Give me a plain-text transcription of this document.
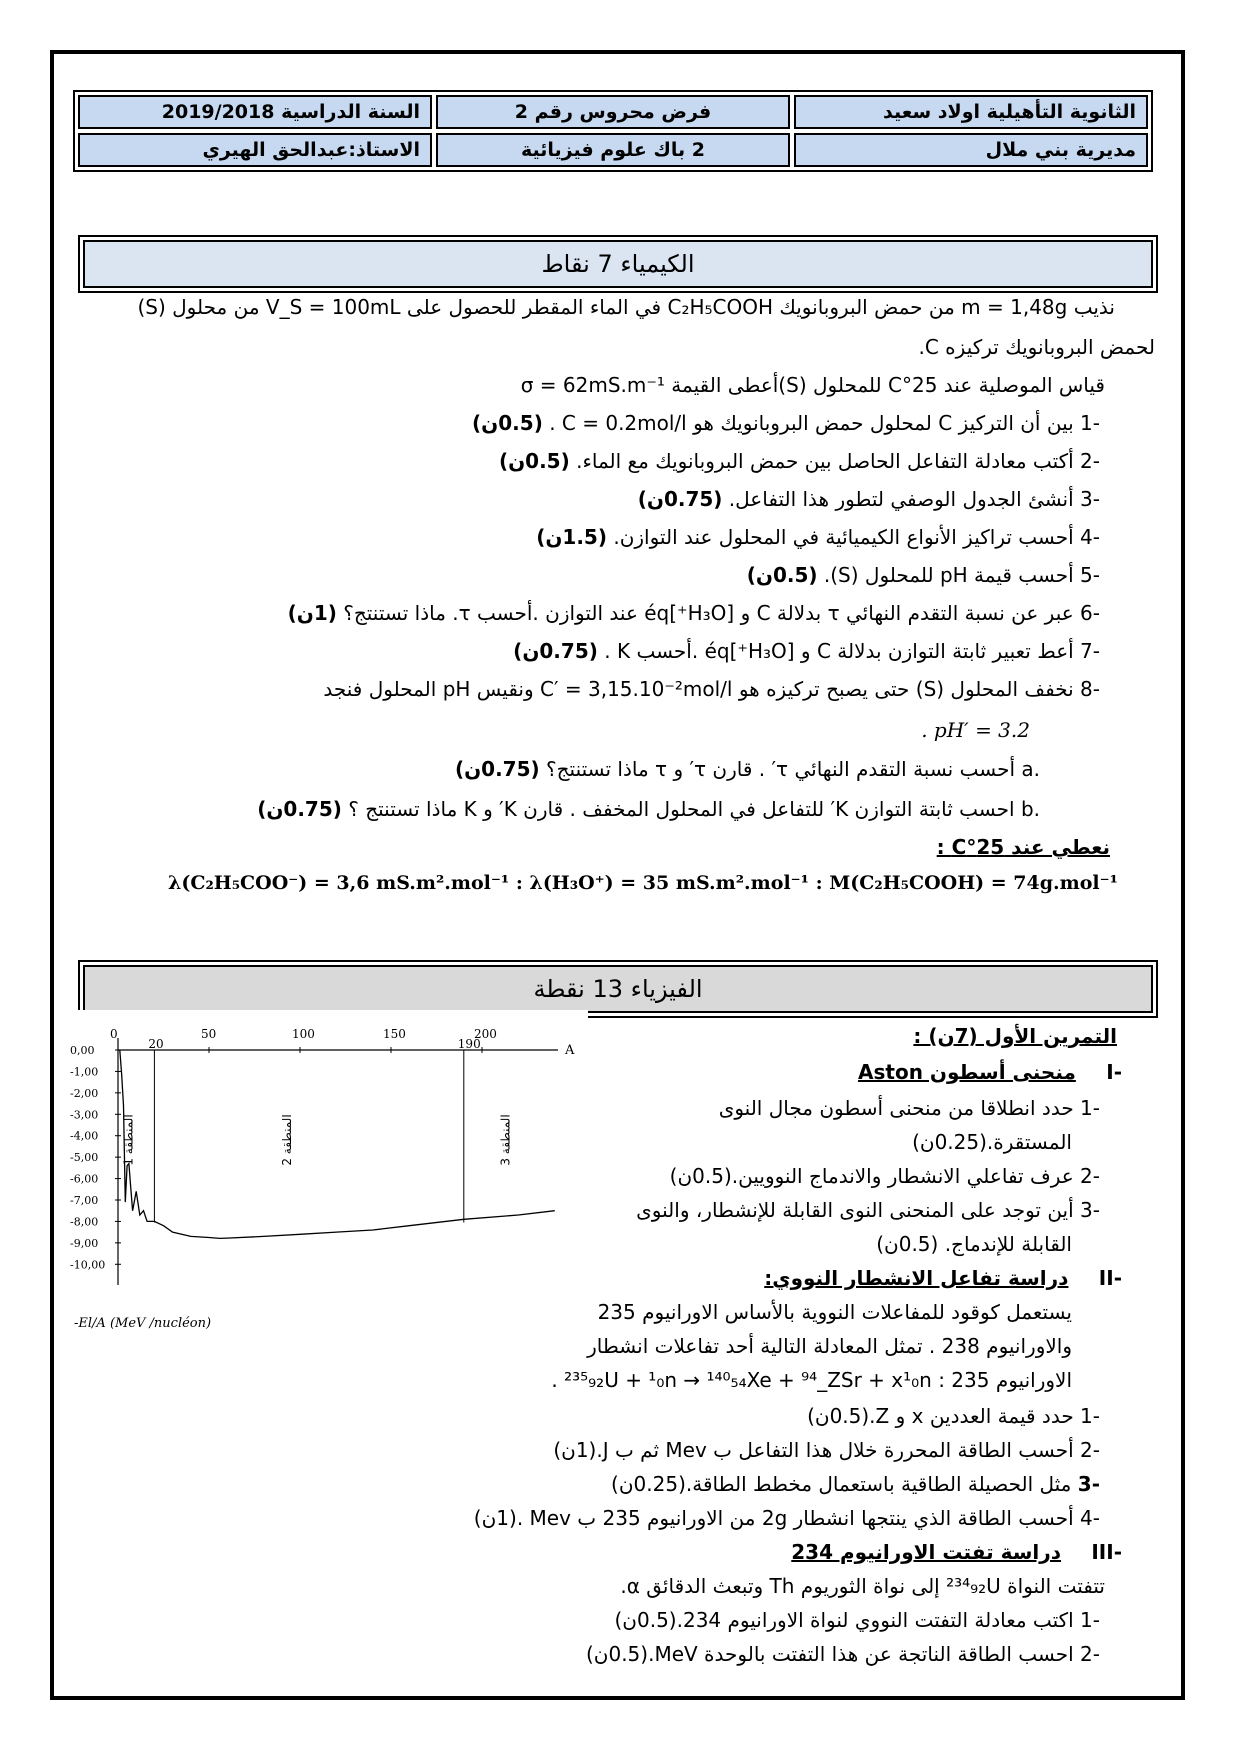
السنة الدراسية 2019/2018	فرض محروس رقم 2	الثانوية التأهيلية اولاد سعيد
الاستاذ:عبدالحق الهيري	2 باك علوم فيزيائية	مديرية بني ملال
الكيمياء 7 نقاط
نذيب m = 1,48g من حمض البروبانويك C₂H₅COOH في الماء المقطر للحصول على V_S = 100mL من محلول (S)
لحمض البروبانويك تركيزه C.
قياس الموصلية عند 25°C للمحلول (S)أعطى القيمة σ = 62mS.m⁻¹
-1 بين أن التركيز C لمحلول حمض البروبانويك هو C = 0.2mol/l . (0.5ن)
-2 أكتب معادلة التفاعل الحاصل بين حمض البروبانويك مع الماء. (0.5ن)
-3 أنشئ الجدول الوصفي لتطور هذا التفاعل. (0.75ن)
-4 أحسب تراكيز الأنواع الكيميائية في المحلول عند التوازن. (1.5ن)
-5 أحسب قيمة pH للمحلول (S). (0.5ن)
-6 عبر عن نسبة التقدم النهائي τ بدلالة C و [H₃O⁺]éq عند التوازن .أحسب τ. ماذا تستنتج؟ (1ن)
-7 أعط تعبير ثابتة التوازن بدلالة C و [H₃O⁺]éq .أحسب K . (0.75ن)
-8 نخفف المحلول (S) حتى يصبح تركيزه هو C′ = 3,15.10⁻²mol/l ونقيس pH المحلول فنجد
pH′ = 3.2 .
.a أحسب نسبة التقدم النهائي τ′ . قارن τ′ و τ ماذا تستنتج؟ (0.75ن)
.b احسب ثابتة التوازن K′ للتفاعل في المحلول المخفف . قارن K′ و K ماذا تستنتج ؟ (0.75ن)
نعطي عند 25°C :
λ(C₂H₅COO⁻) = 3,6 mS.m².mol⁻¹ : λ(H₃O⁺) = 35 mS.m².mol⁻¹ : M(C₂H₅COOH) = 74g.mol⁻¹
الفيزياء 13 نقطة
A
0	50	100	150	200
20	190
0,00
-1,00
-2,00
-3,00
-4,00
-5,00
-6,00
-7,00
-8,00
-9,00
-10,00
1 المنطقة
2 المنطقة
3 المنطقة
-El/A (MeV /nucléon)
التمرين الأول (7ن) :
-I منحنى أسطون Aston
-1 حدد انطلاقا من منحنى أسطون مجال النوى
المستقرة.(0.25ن)
-2 عرف تفاعلي الانشطار والاندماج النوويين.(0.5ن)
-3 أين توجد على المنحنى النوى القابلة للإنشطار، والنوى
القابلة للإندماج. (0.5ن)
-II دراسة تفاعل الانشطار النووي:
يستعمل كوقود للمفاعلات النووية بالأساس الاورانيوم 235
والاورانيوم 238 . تمثل المعادلة التالية أحد تفاعلات انشطار
الاورانيوم 235 : ²³⁵₉₂U + ¹₀n → ¹⁴⁰₅₄Xe + ⁹⁴_ZSr + x¹₀n .
-1 حدد قيمة العددين x و Z.(0.5ن)
-2 أحسب الطاقة المحررة خلال هذا التفاعل ب Mev ثم ب J.(1ن)
-3 مثل الحصيلة الطاقية باستعمال مخطط الطاقة.(0.25ن)
-4 أحسب الطاقة الذي ينتجها انشطار 2g من الاورانيوم 235 ب Mev .(1ن)
-III دراسة تفتت الاورانيوم 234
تتفتت النواة ²³⁴₉₂U إلى نواة الثوريوم Th وتبعث الدقائق α.
-1 اكتب معادلة التفتت النووي لنواة الاورانيوم 234.(0.5ن)
-2 احسب الطاقة الناتجة عن هذا التفتت بالوحدة MeV.(0.5ن)
